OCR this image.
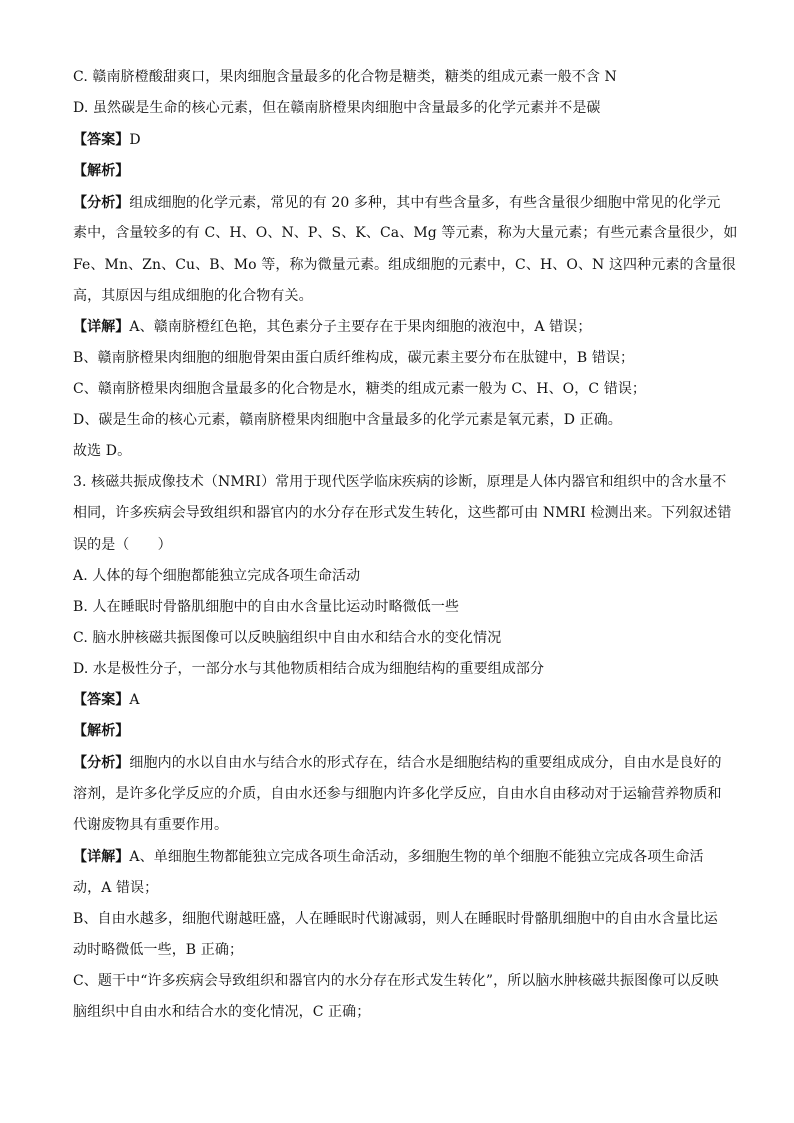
C. 赣南脐橙酸甜爽口，果肉细胞含量最多的化合物是糖类，糖类的组成元素一般不含 N
D. 虽然碳是生命的核心元素，但在赣南脐橙果肉细胞中含量最多的化学元素并不是碳
【答案】D
【解析】
【分析】组成细胞的化学元素，常见的有 20 多种，其中有些含量多，有些含量很少细胞中常见的化学元
素中，含量较多的有 C、H、O、N、P、S、K、Ca、Mg 等元素，称为大量元素；有些元素含量很少，如
Fe、Mn、Zn、Cu、B、Mo 等，称为微量元素。组成细胞的元素中，C、H、O、N 这四种元素的含量很
高，其原因与组成细胞的化合物有关。
【详解】A、赣南脐橙红色艳，其色素分子主要存在于果肉细胞的液泡中，A 错误；
B、赣南脐橙果肉细胞的细胞骨架由蛋白质纤维构成，碳元素主要分布在肽键中，B 错误；
C、赣南脐橙果肉细胞含量最多的化合物是水，糖类的组成元素一般为 C、H、O，C 错误；
D、碳是生命的核心元素，赣南脐橙果肉细胞中含量最多的化学元素是氧元素，D 正确。
故选 D。
3. 核磁共振成像技术（NMRI）常用于现代医学临床疾病的诊断，原理是人体内器官和组织中的含水量不
相同，许多疾病会导致组织和器官内的水分存在形式发生转化，这些都可由 NMRI 检测出来。下列叙述错
误的是（　　）
A. 人体的每个细胞都能独立完成各项生命活动
B. 人在睡眠时骨骼肌细胞中的自由水含量比运动时略微低一些
C. 脑水肿核磁共振图像可以反映脑组织中自由水和结合水的变化情况
D. 水是极性分子，一部分水与其他物质相结合成为细胞结构的重要组成部分
【答案】A
【解析】
【分析】细胞内的水以自由水与结合水的形式存在，结合水是细胞结构的重要组成成分，自由水是良好的
溶剂，是许多化学反应的介质，自由水还参与细胞内许多化学反应，自由水自由移动对于运输营养物质和
代谢废物具有重要作用。
【详解】A、单细胞生物都能独立完成各项生命活动，多细胞生物的单个细胞不能独立完成各项生命活
动，A 错误；
B、自由水越多，细胞代谢越旺盛，人在睡眠时代谢减弱，则人在睡眠时骨骼肌细胞中的自由水含量比运
动时略微低一些，B 正确；
C、题干中“许多疾病会导致组织和器官内的水分存在形式发生转化”，所以脑水肿核磁共振图像可以反映
脑组织中自由水和结合水的变化情况，C 正确；
